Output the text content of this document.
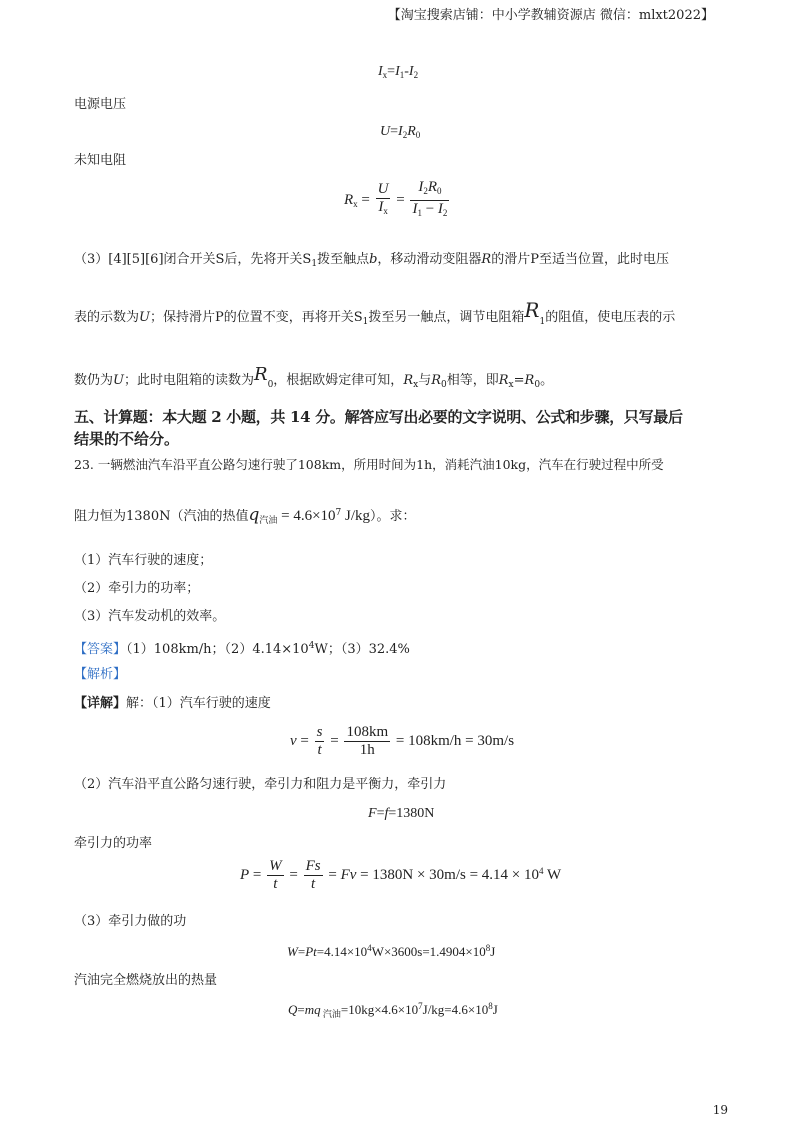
【淘宝搜索店铺：中小学教辅资源店 微信：mlxt2022】
$I_x=I_1-I_2$
电源电压
$U=I_2R_0$
未知电阻
$R_x = \frac{U}{I_x} = \frac{I_2R_0}{I_1 - I_2}$
（3）[4][5][6]闭合开关S后，先将开关$S_1$拨至触点b，移动滑动变阻器R的滑片P至适当位置，此时电压
表的示数为U；保持滑片P的位置不变，再将开关$S_1$拨至另一触点，调节电阻箱$R_1$的阻值，使电压表的示
数仍为U；此时电阻箱的读数为$R_0$，根据欧姆定律可知，$R_x$与$R_0$相等，即$R_x=R_0$。
五、计算题：本大题 2 小题，共 14 分。解答应写出必要的文字说明、公式和步骤，只写最后
结果的不给分。
23. 一辆燃油汽车沿平直公路匀速行驶了108km，所用时间为1h，消耗汽油10kg，汽车在行驶过程中所受
阻力恒为1380N（汽油的热值$q_{汽油} = 4.6\times 10^7$ J/kg）。求：
（1）汽车行驶的速度；
（2）牵引力的功率；
（3）汽车发动机的效率。
【答案】（1）108km/h；$(2)4.14\times 10^4W$；（3）32.4%
【解析】
【详解】解：（1）汽车行驶的速度
$v = \frac{s}{t} = \frac{108km}{1h} = 108km/h = 30m/s$
（2）汽车沿平直公路匀速行驶，牵引力和阻力是平衡力，牵引力
F=f=1380N
牵引力的功率
$P = \frac{W}{t} = \frac{Fs}{t} = Fv = 1380N \times 30m/s = 4.14 \times 10^4$ W
（3）牵引力做的功
$W=Pt=4.14\times 10^4W\times 3600s=1.4904\times 10^8J$
汽油完全燃烧放出的热量
Q=mq $_{汽油}=10kg\times 4.6\times 10^7J/kg=4.6\times 10^8J$
19
